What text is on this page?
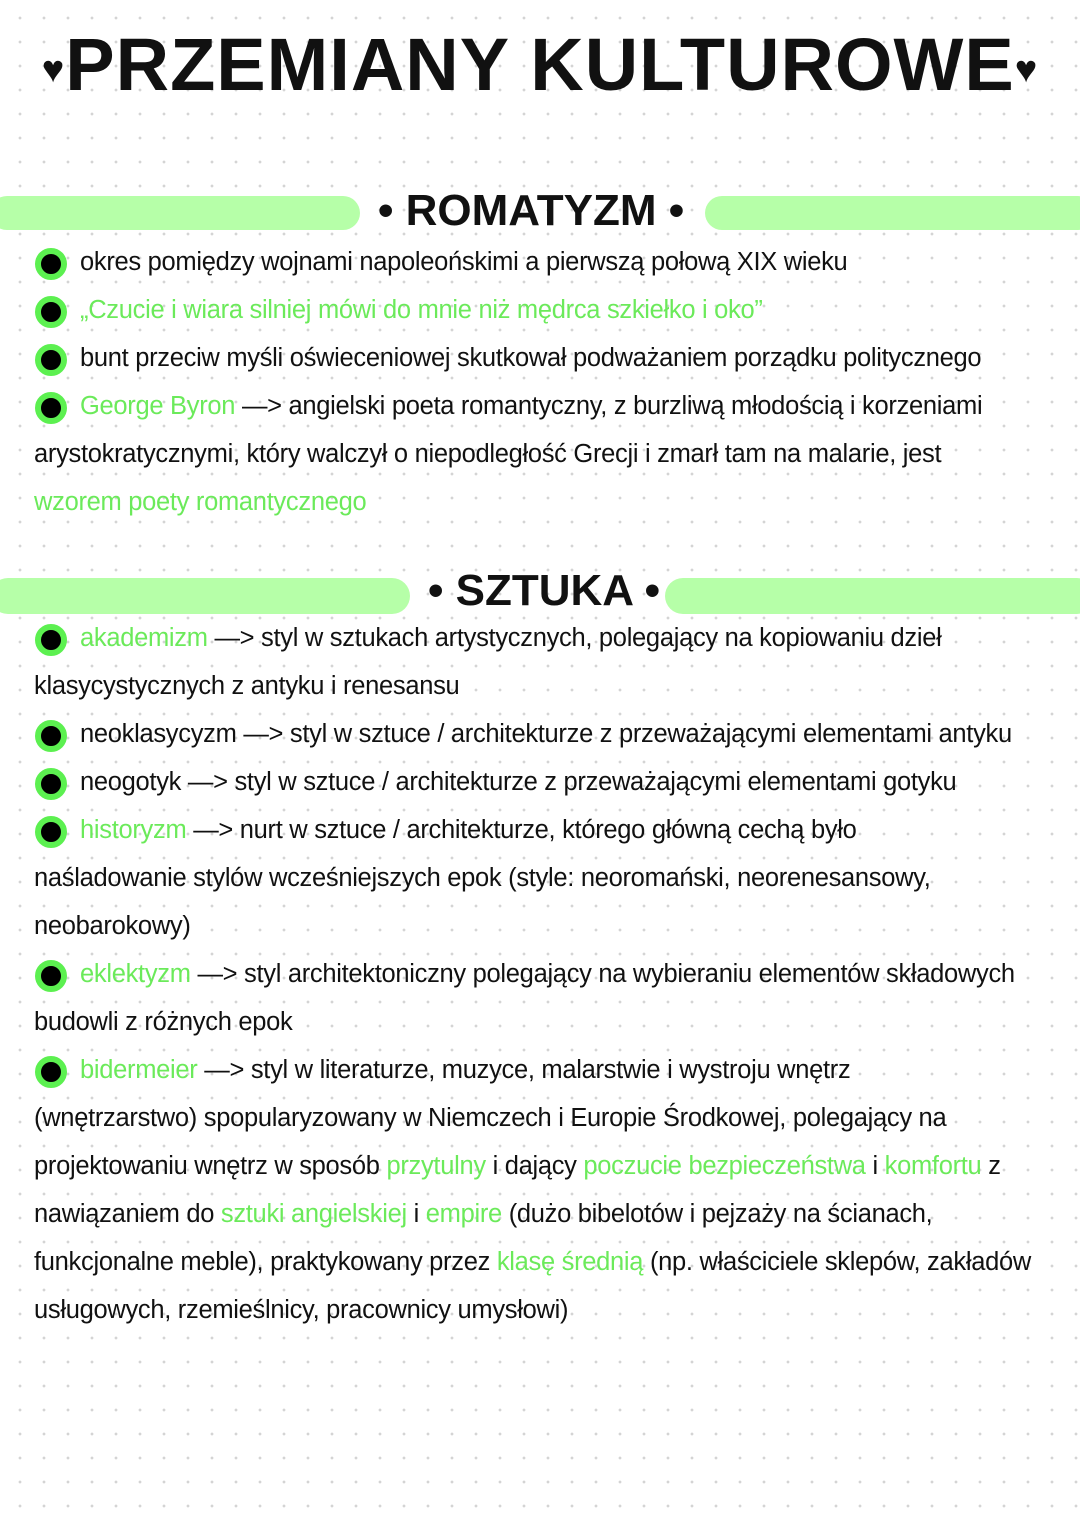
♥PRZEMIANY KULTUROWE♥
• ROMATYZM •
• SZTUKA •
okres pomiędzy wojnami napoleońskimi a pierwszą połową XIX wieku
„Czucie i wiara silniej mówi do mnie niż mędrca szkiełko i oko”
bunt przeciw myśli oświeceniowej skutkował podważaniem porządku politycznego
George Byron —> angielski poeta romantyczny, z burzliwą młodością i korzeniami
arystokratycznymi, który walczył o niepodległość Grecji i zmarł tam na malarie, jest
wzorem poety romantycznego
akademizm —> styl w sztukach artystycznych, polegający na kopiowaniu dzieł
klasycystycznych z antyku i renesansu
neoklasycyzm —> styl w sztuce / architekturze z przeważającymi elementami antyku
neogotyk —> styl w sztuce / architekturze z przeważającymi elementami gotyku
historyzm —> nurt w sztuce / architekturze, którego główną cechą było
naśladowanie stylów wcześniejszych epok (style: neoromański, neorenesansowy,
neobarokowy)
eklektyzm —> styl architektoniczny polegający na wybieraniu elementów składowych
budowli z różnych epok
bidermeier —> styl w literaturze, muzyce, malarstwie i wystroju wnętrz
(wnętrzarstwo) spopularyzowany w Niemczech i Europie Środkowej, polegający na
projektowaniu wnętrz w sposób przytulny i dający poczucie bezpieczeństwa i komfortu z
nawiązaniem do sztuki angielskiej i empire (dużo bibelotów i pejzaży na ścianach,
funkcjonalne meble), praktykowany przez klasę średnią (np. właściciele sklepów, zakładów
usługowych, rzemieślnicy, pracownicy umysłowi)
